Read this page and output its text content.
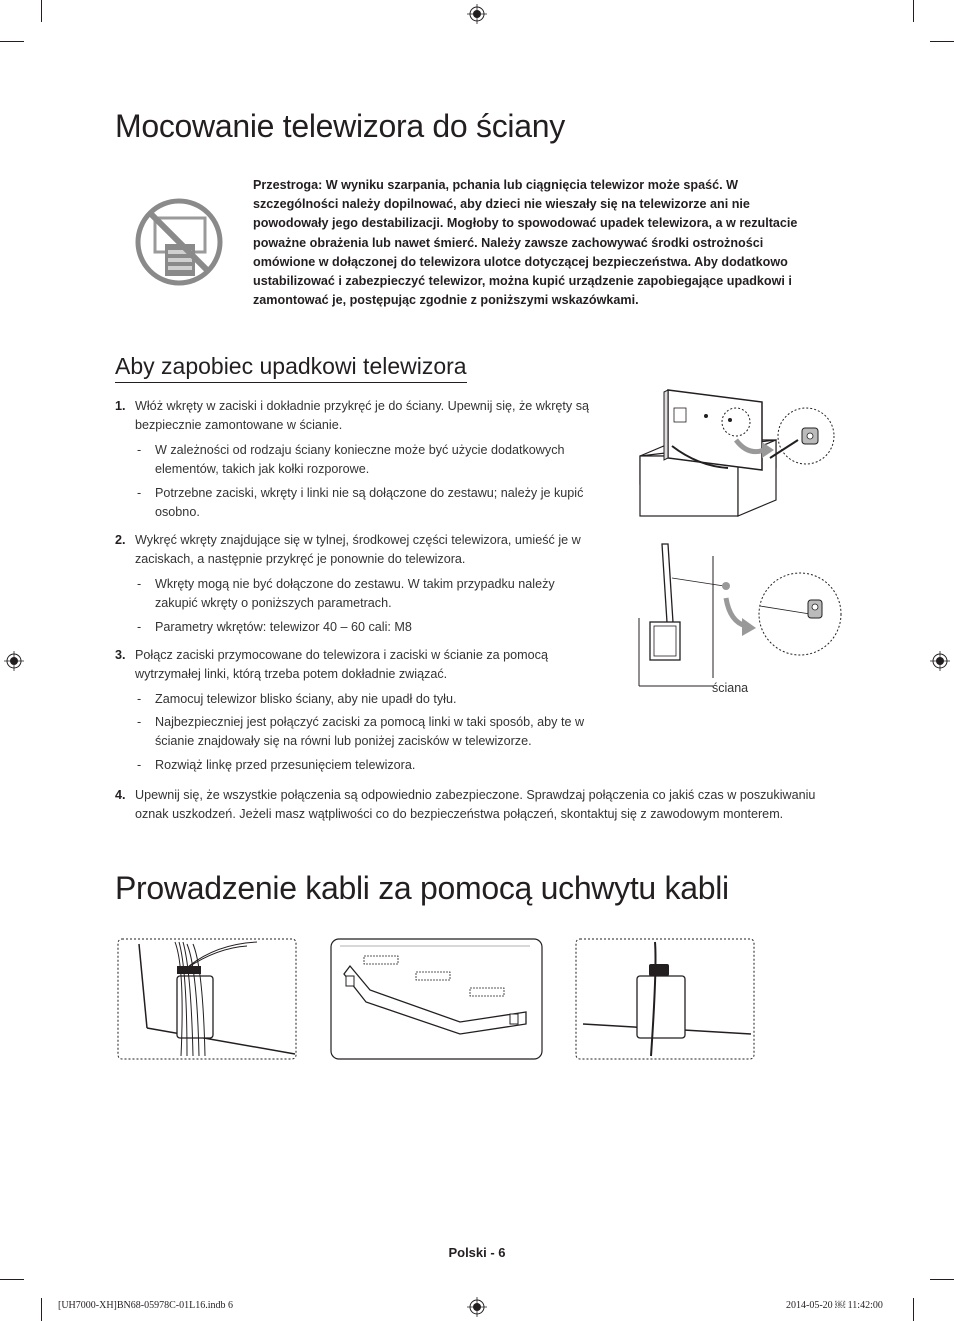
Mocowanie telewizora do ściany
Przestroga: W wyniku szarpania, pchania lub ciągnięcia telewizor może spaść. W szczególności należy dopilnować, aby dzieci nie wieszały się na telewizorze ani nie powodowały jego destabilizacji. Mogłoby to spowodować upadek telewizora, a w rezultacie poważne obrażenia lub nawet śmierć. Należy zawsze zachowywać środki ostrożności omówione w dołączonej do telewizora ulotce dotyczącej bezpieczeństwa. Aby dodatkowo ustabilizować i zabezpieczyć telewizor, można kupić urządzenie zapobiegające upadkowi i zamontować je, postępując zgodnie z poniższymi wskazówkami.
Aby zapobiec upadkowi telewizora
1. Włóż wkręty w zaciski i dokładnie przykręć je do ściany. Upewnij się, że wkręty są bezpiecznie zamontowane w ścianie.
- W zależności od rodzaju ściany konieczne może być użycie dodatkowych elementów, takich jak kołki rozporowe.
- Potrzebne zaciski, wkręty i linki nie są dołączone do zestawu; należy je kupić osobno.
2. Wykręć wkręty znajdujące się w tylnej, środkowej części telewizora, umieść je w zaciskach, a następnie przykręć je ponownie do telewizora.
- Wkręty mogą nie być dołączone do zestawu. W takim przypadku należy zakupić wkręty o poniższych parametrach.
- Parametry wkrętów: telewizor 40 – 60 cali: M8
3. Połącz zaciski przymocowane do telewizora i zaciski w ścianie za pomocą wytrzymałej linki, którą trzeba potem dokładnie związać.
- Zamocuj telewizor blisko ściany, aby nie upadł do tyłu.
- Najbezpieczniej jest połączyć zaciski za pomocą linki w taki sposób, aby te w ścianie znajdowały się na równi lub poniżej zacisków w telewizorze.
- Rozwiąż linkę przed przesunięciem telewizora.
4. Upewnij się, że wszystkie połączenia są odpowiednio zabezpieczone. Sprawdzaj połączenia co jakiś czas w poszukiwaniu oznak uszkodzeń. Jeżeli masz wątpliwości co do bezpieczeństwa połączeń, skontaktuj się z zawodowym monterem.
ściana
Prowadzenie kabli za pomocą uchwytu kabli
Polski - 6
[UH7000-XH]BN68-05978C-01L16.indb 6	2014-05-20 ￼ 11:42:00
